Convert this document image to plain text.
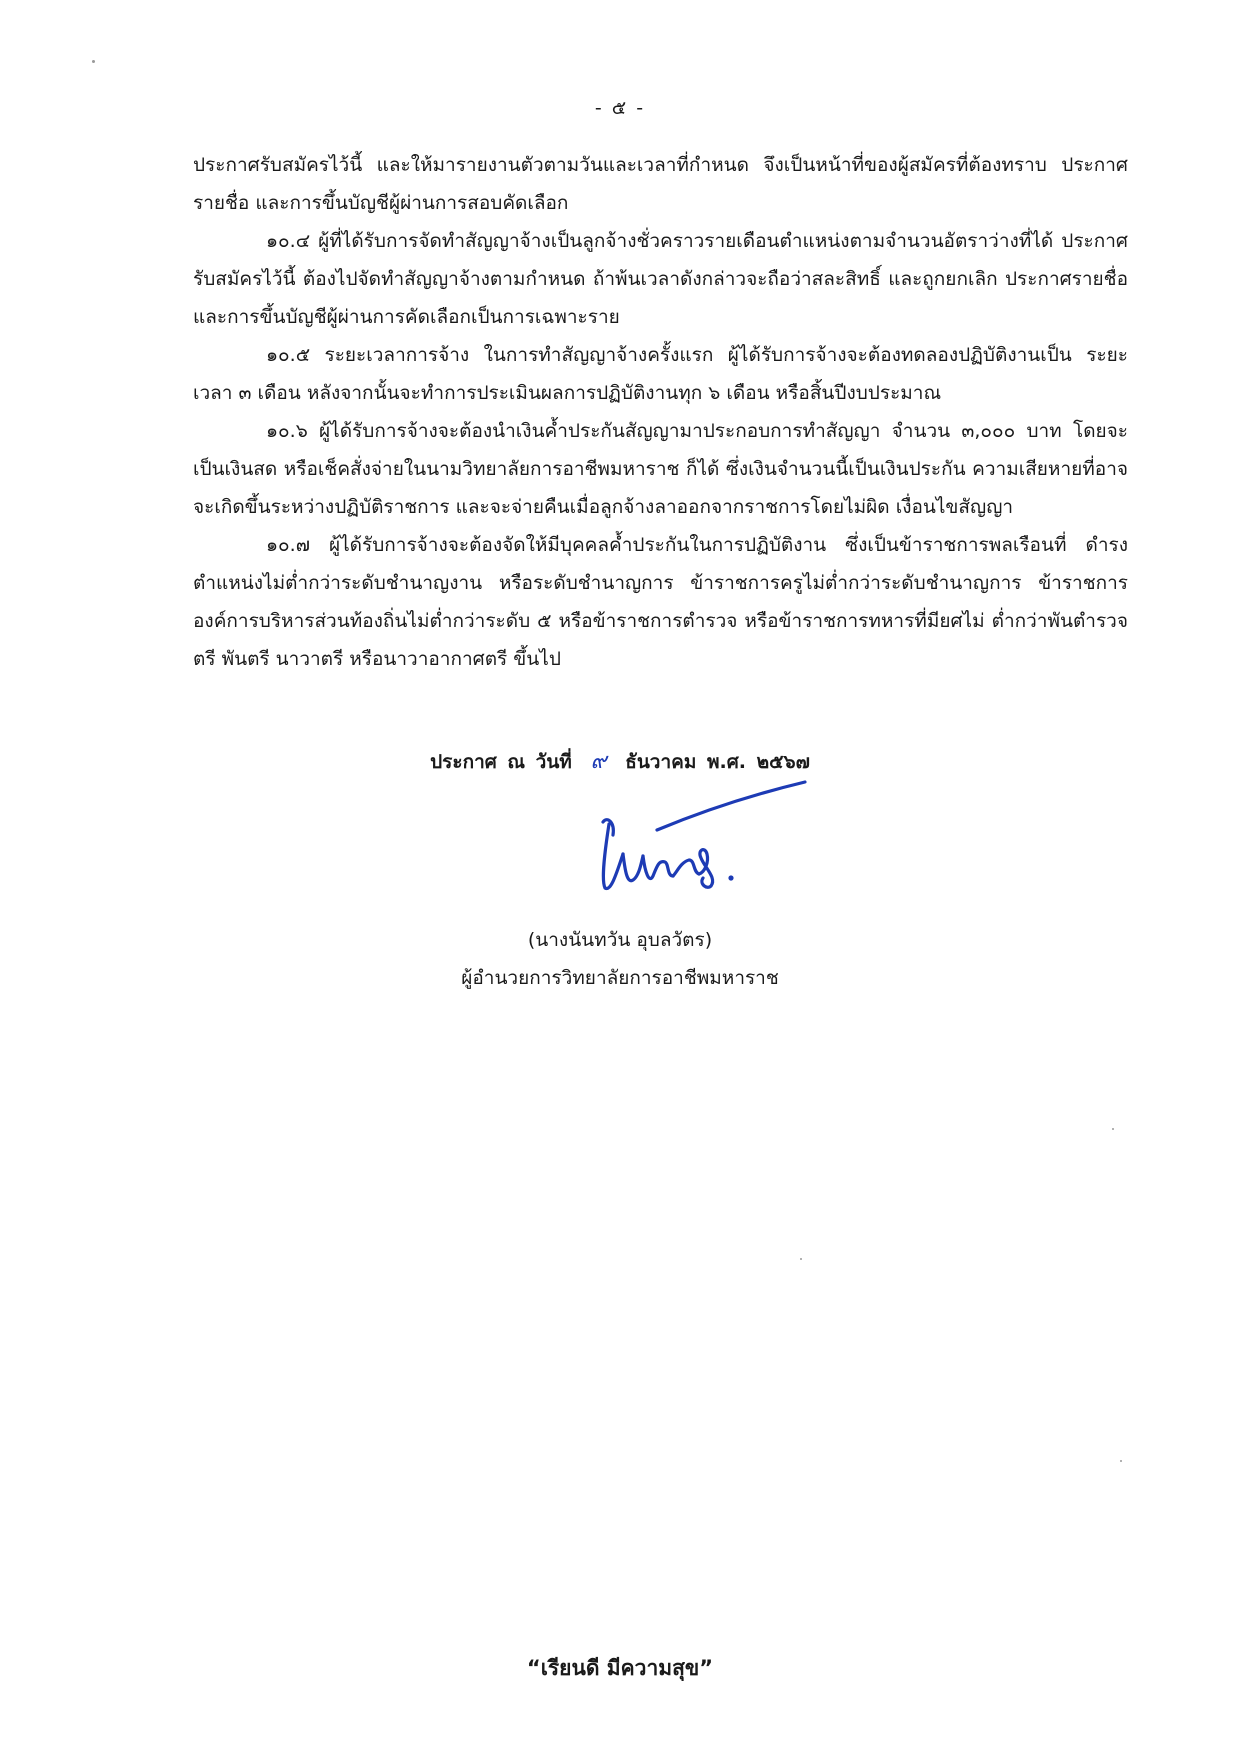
- ๕ -

ประกาศรับสมัครไว้นี้ และให้มารายงานตัวตามวันและเวลาที่กำหนด จึงเป็นหน้าที่ของผู้สมัครที่ต้องทราบ ประกาศรายชื่อ และการขึ้นบัญชีผู้ผ่านการสอบคัดเลือก

๑๐.๔ ผู้ที่ได้รับการจัดทำสัญญาจ้างเป็นลูกจ้างชั่วคราวรายเดือนตำแหน่งตามจำนวนอัตราว่างที่ได้ ประกาศรับสมัครไว้นี้ ต้องไปจัดทำสัญญาจ้างตามกำหนด ถ้าพ้นเวลาดังกล่าวจะถือว่าสละสิทธิ์ และถูกยกเลิก ประกาศรายชื่อ และการขึ้นบัญชีผู้ผ่านการคัดเลือกเป็นการเฉพาะราย

๑๐.๕ ระยะเวลาการจ้าง ในการทำสัญญาจ้างครั้งแรก ผู้ได้รับการจ้างจะต้องทดลองปฏิบัติงานเป็น ระยะเวลา ๓ เดือน หลังจากนั้นจะทำการประเมินผลการปฏิบัติงานทุก ๖ เดือน หรือสิ้นปีงบประมาณ

๑๐.๖ ผู้ได้รับการจ้างจะต้องนำเงินค้ำประกันสัญญามาประกอบการทำสัญญา จำนวน ๓,๐๐๐ บาท โดยจะเป็นเงินสด หรือเช็คสั่งจ่ายในนามวิทยาลัยการอาชีพมหาราช ก็ได้ ซึ่งเงินจำนวนนี้เป็นเงินประกัน ความเสียหายที่อาจจะเกิดขึ้นระหว่างปฏิบัติราชการ และจะจ่ายคืนเมื่อลูกจ้างลาออกจากราชการโดยไม่ผิด เงื่อนไขสัญญา

๑๐.๗ ผู้ได้รับการจ้างจะต้องจัดให้มีบุคคลค้ำประกันในการปฏิบัติงาน ซึ่งเป็นข้าราชการพลเรือนที่ ดำรงตำแหน่งไม่ต่ำกว่าระดับชำนาญงาน หรือระดับชำนาญการ ข้าราชการครูไม่ต่ำกว่าระดับชำนาญการ ข้าราชการองค์การบริหารส่วนท้องถิ่นไม่ต่ำกว่าระดับ ๕ หรือข้าราชการตำรวจ หรือข้าราชการทหารที่มียศไม่ ต่ำกว่าพันตำรวจตรี พันตรี นาวาตรี หรือนาวาอากาศตรี ขึ้นไป

ประกาศ ณ วันที่ ๙ ธันวาคม พ.ศ. ๒๕๖๗
(นางนันทวัน อุบลวัตร)
ผู้อำนวยการวิทยาลัยการอาชีพมหาราช
“เรียนดี มีความสุข”
